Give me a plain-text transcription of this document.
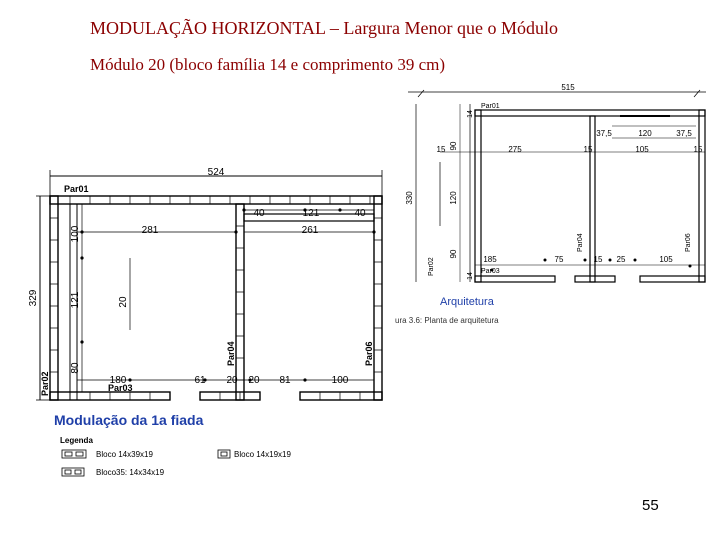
MODULAÇÃO HORIZONTAL – Largura Menor que o Módulo
Módulo 20 (bloco família 14 e comprimento 39 cm)
524
329
Par01
Par02	Par03
Par04	Par06
40	121	40
281	261
100
121
80
20
180	61 20 20 81	100
Modulação da 1a fiada
Legenda
Bloco 14x39x19	Bloco 14x19x19
Bloco35: 14x34x19
515
330
Par01
Par02	Par03
Par04	Par06
37,5	120	37,5
15	275	15	105	15
14
90
120
90
14
185	75	15 25	105
Arquitetura
ura 3.6: Planta de arquitetura
55
